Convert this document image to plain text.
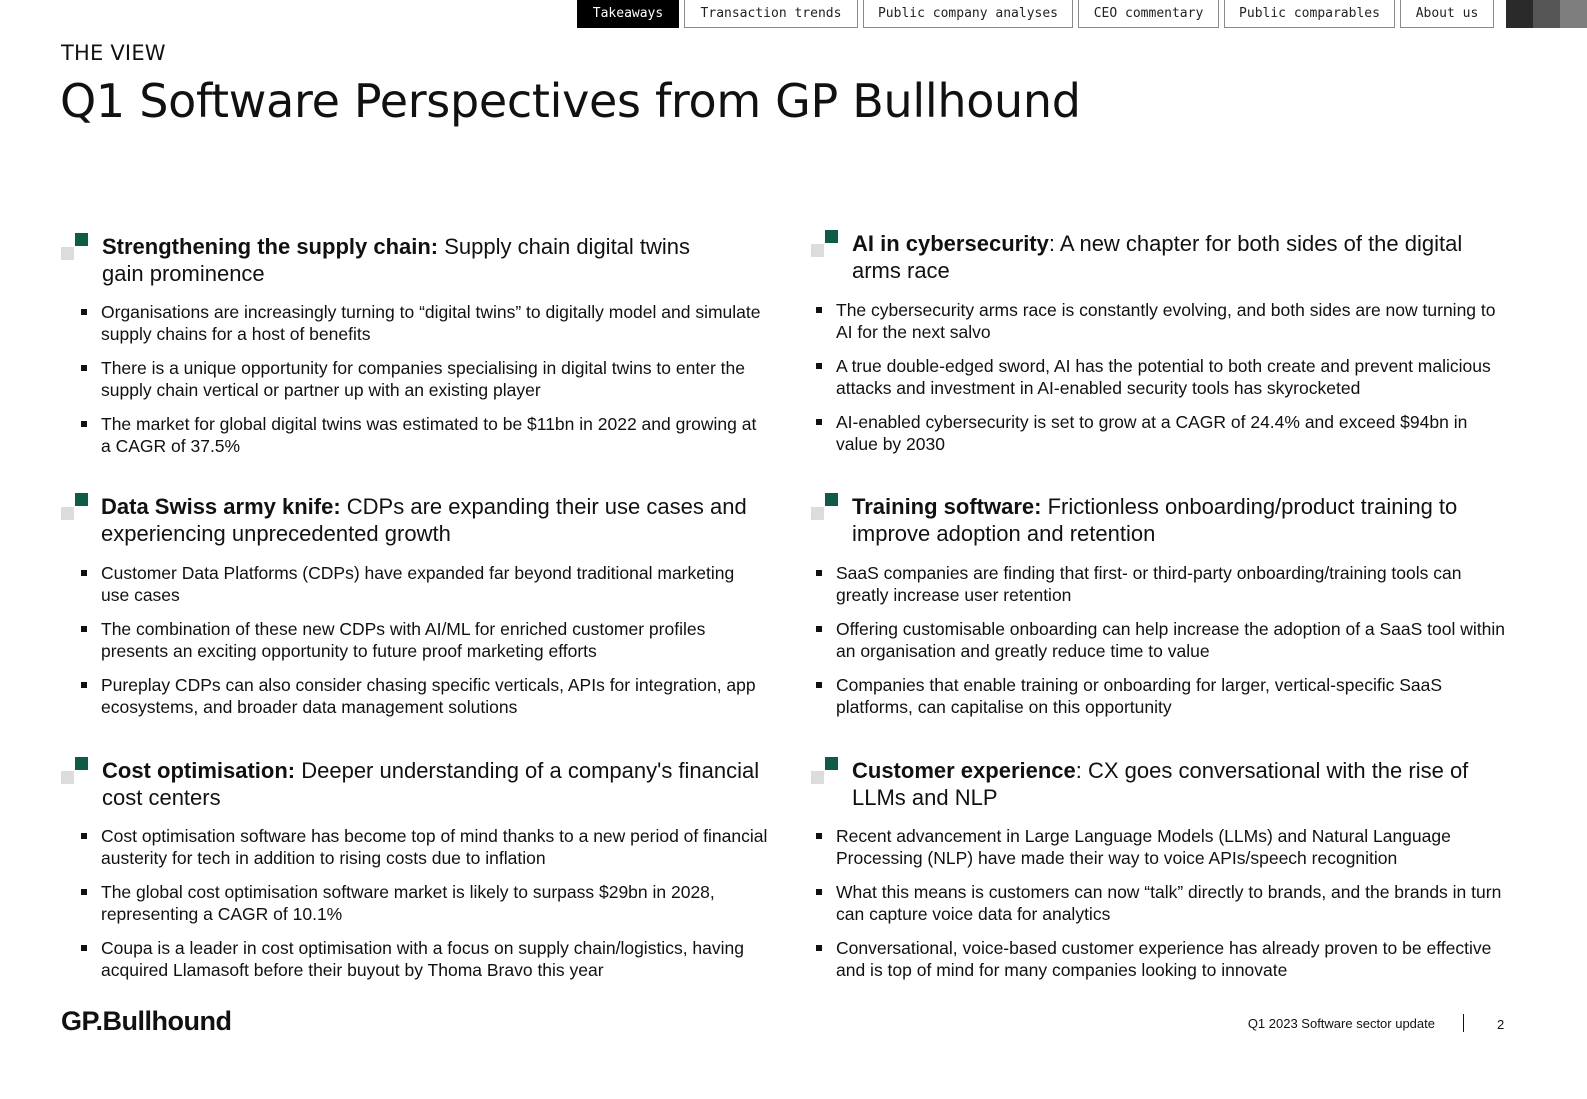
Takeaways	Transaction trends	Public company analyses	CEO commentary	Public comparables	About us
THE VIEW
Q1 Software Perspectives from GP Bullhound
Strengthening the supply chain: Supply chain digital twins gain prominence
Organisations are increasingly turning to “digital twins” to digitally model and simulate supply chains for a host of benefits
There is a unique opportunity for companies specialising in digital twins to enter the supply chain vertical or partner up with an existing player
The market for global digital twins was estimated to be $11bn in 2022 and growing at a CAGR of 37.5%
AI in cybersecurity: A new chapter for both sides of the digital arms race
The cybersecurity arms race is constantly evolving, and both sides are now turning to AI for the next salvo
A true double-edged sword, AI has the potential to both create and prevent malicious attacks and investment in AI-enabled security tools has skyrocketed
AI-enabled cybersecurity is set to grow at a CAGR of 24.4% and exceed $94bn in value by 2030
Data Swiss army knife: CDPs are expanding their use cases and experiencing unprecedented growth
Customer Data Platforms (CDPs) have expanded far beyond traditional marketing use cases
The combination of these new CDPs with AI/ML for enriched customer profiles presents an exciting opportunity to future proof marketing efforts
Pureplay CDPs can also consider chasing specific verticals, APIs for integration, app ecosystems, and broader data management solutions
Training software: Frictionless onboarding/product training to improve adoption and retention
SaaS companies are finding that first- or third-party onboarding/training tools can greatly increase user retention
Offering customisable onboarding can help increase the adoption of a SaaS tool within an organisation and greatly reduce time to value
Companies that enable training or onboarding for larger, vertical-specific SaaS platforms, can capitalise on this opportunity
Cost optimisation: Deeper understanding of a company's financial cost centers
Cost optimisation software has become top of mind thanks to a new period of financial austerity for tech in addition to rising costs due to inflation
The global cost optimisation software market is likely to surpass $29bn in 2028, representing a CAGR of 10.1%
Coupa is a leader in cost optimisation with a focus on supply chain/logistics, having acquired Llamasoft before their buyout by Thoma Bravo this year
Customer experience: CX goes conversational with the rise of LLMs and NLP
Recent advancement in Large Language Models (LLMs) and Natural Language Processing (NLP) have made their way to voice APIs/speech recognition
What this means is customers can now “talk” directly to brands, and the brands in turn can capture voice data for analytics
Conversational, voice-based customer experience has already proven to be effective and is top of mind for many companies looking to innovate
GP.Bullhound	Q1 2023 Software sector update	2
